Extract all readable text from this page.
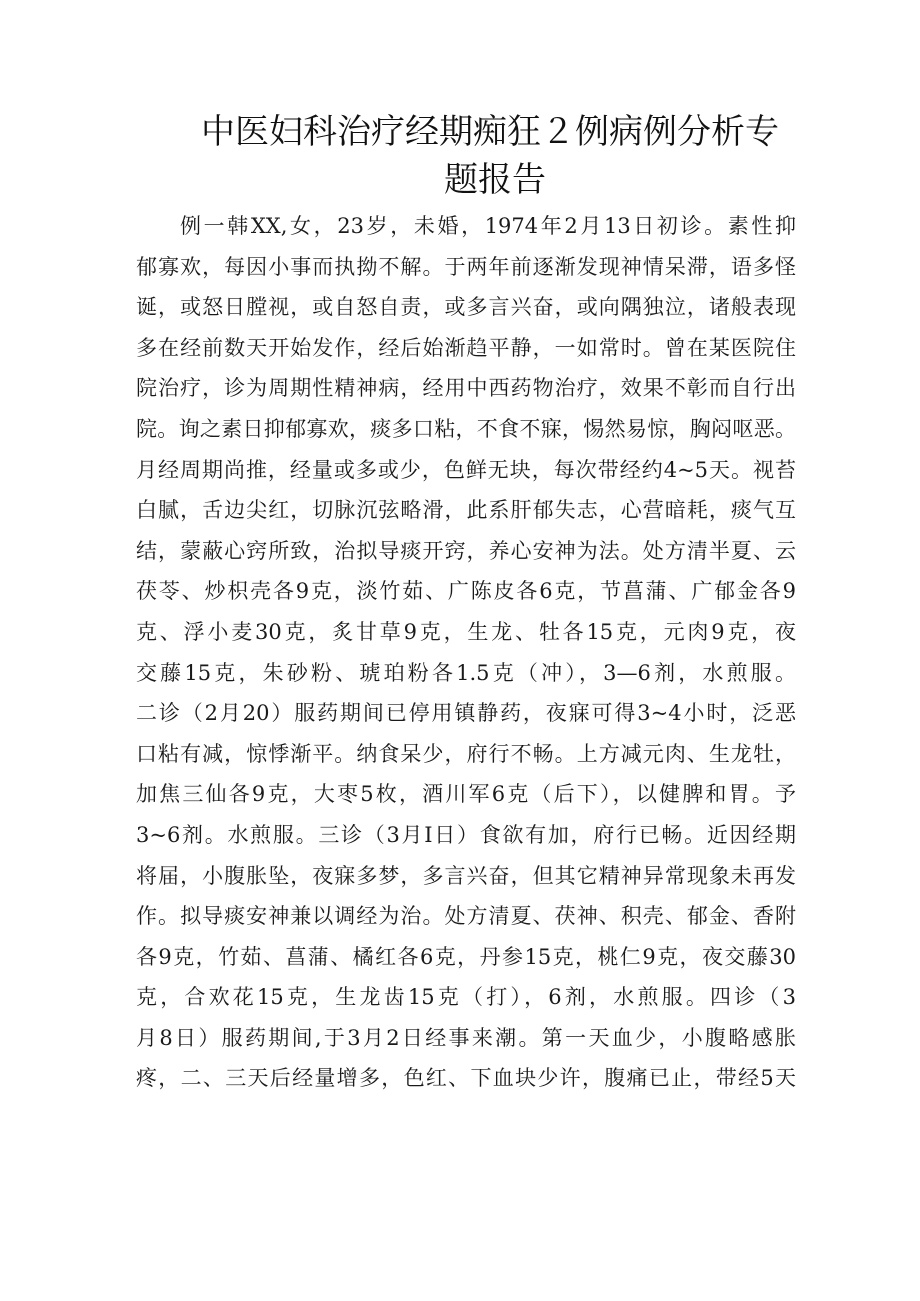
中医妇科治疗经期痴狂２例病例分析专
题报告
例一韩XX,女，23岁，未婚，1974年2月13日初诊。素性抑
郁寡欢，每因小事而执拗不解。于两年前逐渐发现神情呆滞，语多怪
诞，或怒日膛视，或自怒自责，或多言兴奋，或向隅独泣，诸般表现
多在经前数天开始发作，经后始渐趋平静，一如常时。曾在某医院住
院治疗，诊为周期性精神病，经用中西药物治疗，效果不彰而自行出
院。询之素日抑郁寡欢，痰多口粘，不食不寐，惕然易惊，胸闷呕恶。
月经周期尚推，经量或多或少，色鲜无块，每次带经约4~5天。视苔
白腻，舌边尖红，切脉沉弦略滑，此系肝郁失志，心营暗耗，痰气互
结，蒙蔽心窍所致，治拟导痰开窍，养心安神为法。处方清半夏、云
茯苓、炒枳壳各9克，淡竹茹、广陈皮各6克，节菖蒲、广郁金各9
克、浮小麦30克，炙甘草9克，生龙、牡各15克，元肉9克，夜
交藤15克，朱砂粉、琥珀粉各1.5克（冲），3—6剂，水煎服。
二诊（2月20）服药期间已停用镇静药，夜寐可得3~4小时，泛恶
口粘有减，惊悸渐平。纳食呆少，府行不畅。上方减元肉、生龙牡，
加焦三仙各9克，大枣5枚，酒川军6克（后下），以健脾和胃。予
3~6剂。水煎服。三诊（3月I日）食欲有加，府行已畅。近因经期
将届，小腹胀坠，夜寐多梦，多言兴奋，但其它精神异常现象未再发
作。拟导痰安神兼以调经为治。处方清夏、茯神、积壳、郁金、香附
各9克，竹茹、菖蒲、橘红各6克，丹参15克，桃仁9克，夜交藤30
克，合欢花15克，生龙齿15克（打），6剂，水煎服。四诊（3
月8日）服药期间,于3月2日经事来潮。第一天血少，小腹略感胀
疼，二、三天后经量增多，色红、下血块少许，腹痛已止，带经5天
